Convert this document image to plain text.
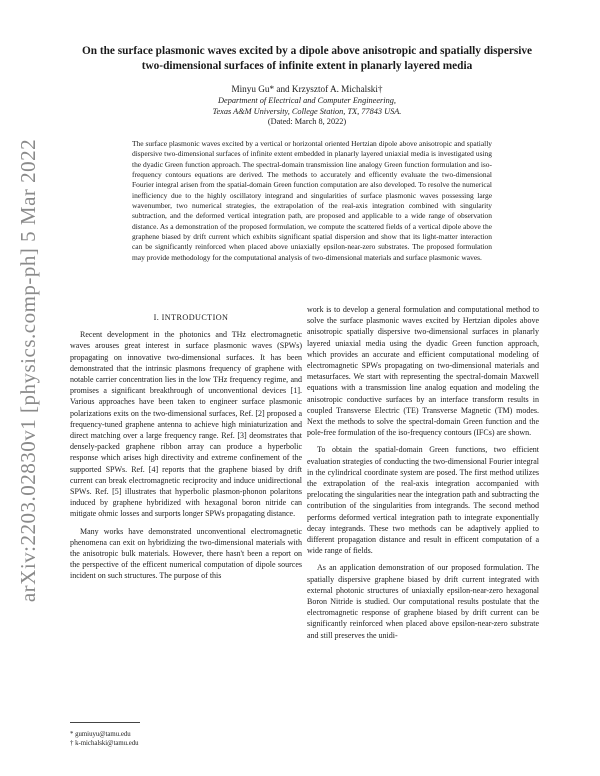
arXiv:2203.02830v1 [physics.comp-ph] 5 Mar 2022
On the surface plasmonic waves excited by a dipole above anisotropic and spatially dispersive two-dimensional surfaces of infinite extent in planarly layered media
Minyu Gu* and Krzysztof A. Michalski†
Department of Electrical and Computer Engineering,
Texas A&M University, College Station, TX, 77843 USA.
(Dated: March 8, 2022)
The surface plasmonic waves excited by a vertical or horizontal oriented Hertzian dipole above anisotropic and spatially dispersive two-dimensional surfaces of infinite extent embedded in planarly layered uniaxial media is investigated using the dyadic Green function approach. The spectral-domain transmission line analogy Green function formulation and iso-frequency contours equations are derived. The methods to accurately and efficently evaluate the two-dimensional Fourier integral arisen from the spatial-domain Green function computation are also developed. To resolve the numerical inefficiency due to the highly oscillatory integrand and singularities of surface plasmonic waves possessing large wavenumber, two numerical strategies, the extrapolation of the real-axis integration combined with singularity subtraction, and the deformed vertical integration path, are proposed and applicable to a wide range of observation distance. As a demonstration of the proposed formulation, we compute the scattered fields of a vertical dipole above the graphene biased by drift current which exhibits significant spatial dispersion and show that its light-matter interaction can be significantly reinforced when placed above uniaxially epsilon-near-zero substrates. The proposed formulation may provide methodology for the computational analysis of two-dimensional materials and surface plasmonic waves.

I. INTRODUCTION

Recent development in the photonics and THz electromagnetic waves arouses great interest in surface plasmonic waves (SPWs) propagating on innovative two-dimensional surfaces. It has been demonstrated that the intrinsic plasmons frequency of graphene with notable carrier concentration lies in the low THz frequency regime, and promises a significant breakthrough of unconventional devices [1]. Various approaches have been taken to engineer surface plasmonic polarizations exits on the two-dimensional surfaces, Ref. [2] proposed a frequency-tuned graphene antenna to achieve high miniaturization and direct matching over a large frequency range. Ref. [3] deomstrates that densely-packed graphene ribbon array can produce a hyperbolic response which arises high directivity and extreme confinement of the supported SPWs. Ref. [4] reports that the graphene biased by drift current can break electromagnetic reciprocity and induce unidirectional SPWs. Ref. [5] illustrates that hyperbolic plasmon-phonon polaritons induced by graphene hybridized with hexagonal boron nitride can mitigate ohmic losses and surports longer SPWs propagating distance.

Many works have demonstrated unconventional electromagnetic phenomena can exit on hybridizing the two-dimensional materials with the anisotropic bulk materials. However, there hasn't been a report on the perspective of the efficent numerical computation of dipole sources incident on such structures. The purpose of this

work is to develop a general formulation and computational method to solve the surface plasmonic waves excited by Hertzian dipoles above anisotropic spatially dispersive two-dimensional surfaces in planarly layered uniaxial media using the dyadic Green function approach, which provides an accurate and efficient computational modeling of electromagnetic SPWs propagating on two-dimensional materials and metasurfaces. We start with representing the spectral-domain Maxwell equations with a transmission line analog equation and modeling the anisotropic conductive surfaces by an interface transform results in coupled Transverse Electric (TE) Transverse Magnetic (TM) modes. Next the methods to solve the spectral-domain Green function and the pole-free formulation of the iso-frequency contours (IFCs) are shown.

To obtain the spatial-domain Green functions, two efficient evaluation strategies of conducting the two-dimensional Fourier integral in the cylindrical coordinate system are posed. The first method utilizes the extrapolation of the real-axis integration accompanied with prelocating the singularities near the integration path and subtracting the contribution of the singularities from integrands. The second method performs deformed vertical integration path to integrate exponentially decay integrands. These two methods can be adaptively applied to different propagation distance and result in efficent computation of a wide range of fields.

As an application demonstration of our proposed formulation. The spatially dispersive graphene biased by drift current integrated with external photonic structures of uniaxially epsilon-near-zero hexagonal Boron Nitride is studied. Our computational results postulate that the electromagnetic response of graphene biased by drift current can be significantly reinforced when placed above epsilon-near-zero substrate and still preserves the unidi-

* gumiuyu@tamu.edu
† k-michalski@tamu.edu
